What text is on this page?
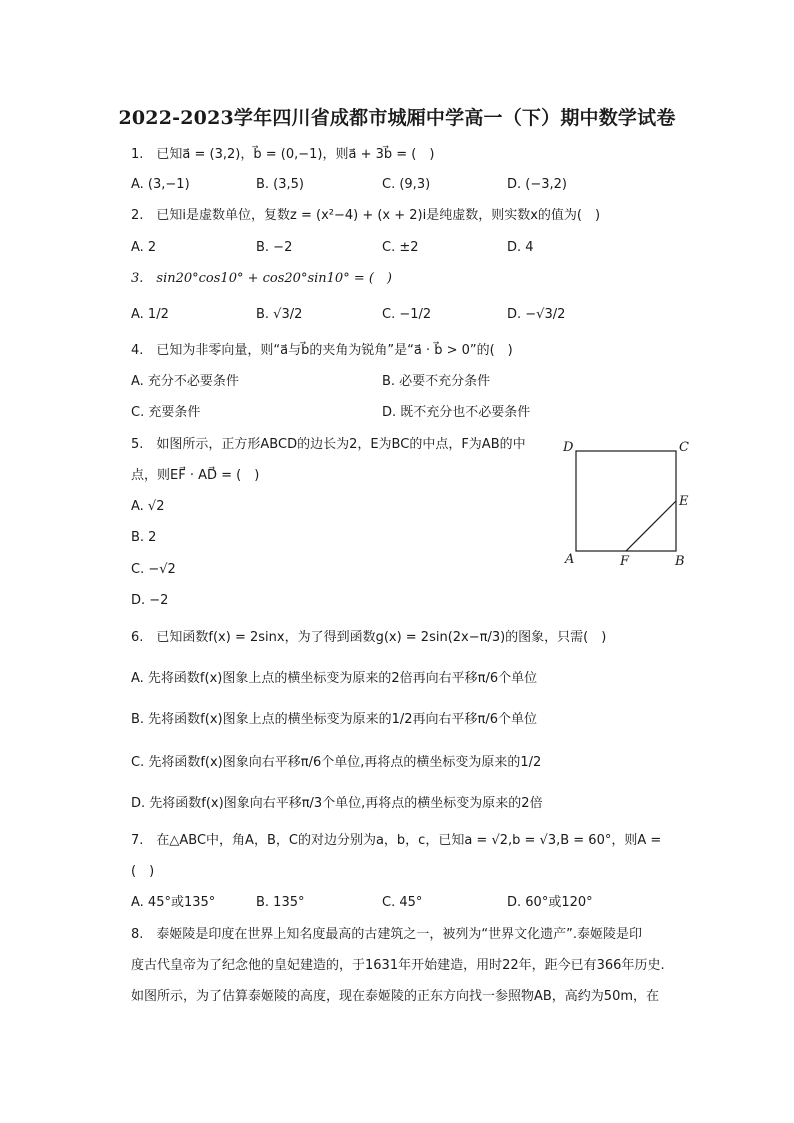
2022-2023学年四川省成都市城厢中学高一（下）期中数学试卷
1.　已知a⃗ = (3,2)，b⃗ = (0,−1)，则a⃗ + 3b⃗ = (　)
A. (3,−1)	B. (3,5)	C. (9,3)	D. (−3,2)
2.　已知i是虚数单位，复数z = (x²−4) + (x + 2)i是纯虚数，则实数x的值为(　)
A. 2	B. −2	C. ±2	D. 4
3.　sin20°cos10° + cos20°sin10° = (　)
A. 1/2	B. √3/2	C. −1/2	D. −√3/2
4.　已知为非零向量，则“a⃗与b⃗的夹角为锐角”是“a⃗ · b⃗ > 0”的(　)
A. 充分不必要条件	B. 必要不充分条件
C. 充要条件	D. 既不充分也不必要条件
5.　如图所示，正方形ABCD的边长为2，E为BC的中点，F为AB的中
点，则EF⃗ · AD⃗ = (　)
A. √2
B. 2
C. −√2
D. −2
D	C
E
A	F	B
6.　已知函数f(x) = 2sinx，为了得到函数g(x) = 2sin(2x−π/3)的图象，只需(　)
A. 先将函数f(x)图象上点的横坐标变为原来的2倍再向右平移π/6个单位
B. 先将函数f(x)图象上点的横坐标变为原来的1/2再向右平移π/6个单位
C. 先将函数f(x)图象向右平移π/6个单位,再将点的横坐标变为原来的1/2
D. 先将函数f(x)图象向右平移π/3个单位,再将点的横坐标变为原来的2倍
7.　在△ABC中，角A，B，C的对边分别为a，b，c，已知a = √2,b = √3,B = 60°，则A =
(　)
A. 45°或135°	B. 135°	C. 45°	D. 60°或120°
8.　泰姬陵是印度在世界上知名度最高的古建筑之一，被列为“世界文化遗产”.泰姬陵是印
度古代皇帝为了纪念他的皇妃建造的，于1631年开始建造，用时22年，距今已有366年历史.
如图所示，为了估算泰姬陵的高度，现在泰姬陵的正东方向找一参照物AB，高约为50m，在
